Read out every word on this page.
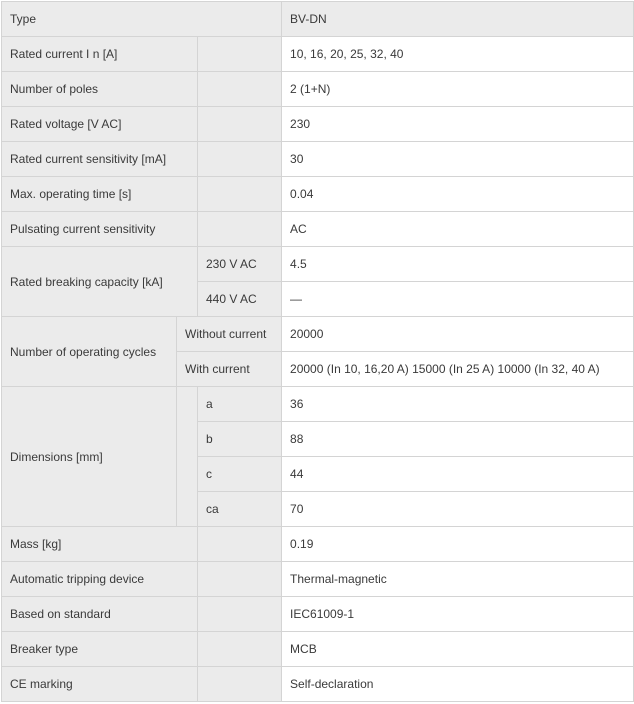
Type			BV-DN
Rated current I n [A]			10, 16, 20, 25, 32, 40
Number of poles			2 (1+N)
Rated voltage [V AC]			230
Rated current sensitivity [mA]			30
Max. operating time [s]			0.04
Pulsating current sensitivity			AC
Rated breaking capacity [kA]		230 V AC	4.5
		440 V AC	—
Number of operating cycles	Without current		20000
	With current		20000 (In 10, 16,20 A) 15000 (In 25 A) 10000 (In 32, 40 A)
Dimensions [mm]		a	36
		b	88
		c	44
		ca	70
Mass [kg]			0.19
Automatic tripping device			Thermal-magnetic
Based on standard			IEC61009-1
Breaker type			MCB
CE marking			Self-declaration
